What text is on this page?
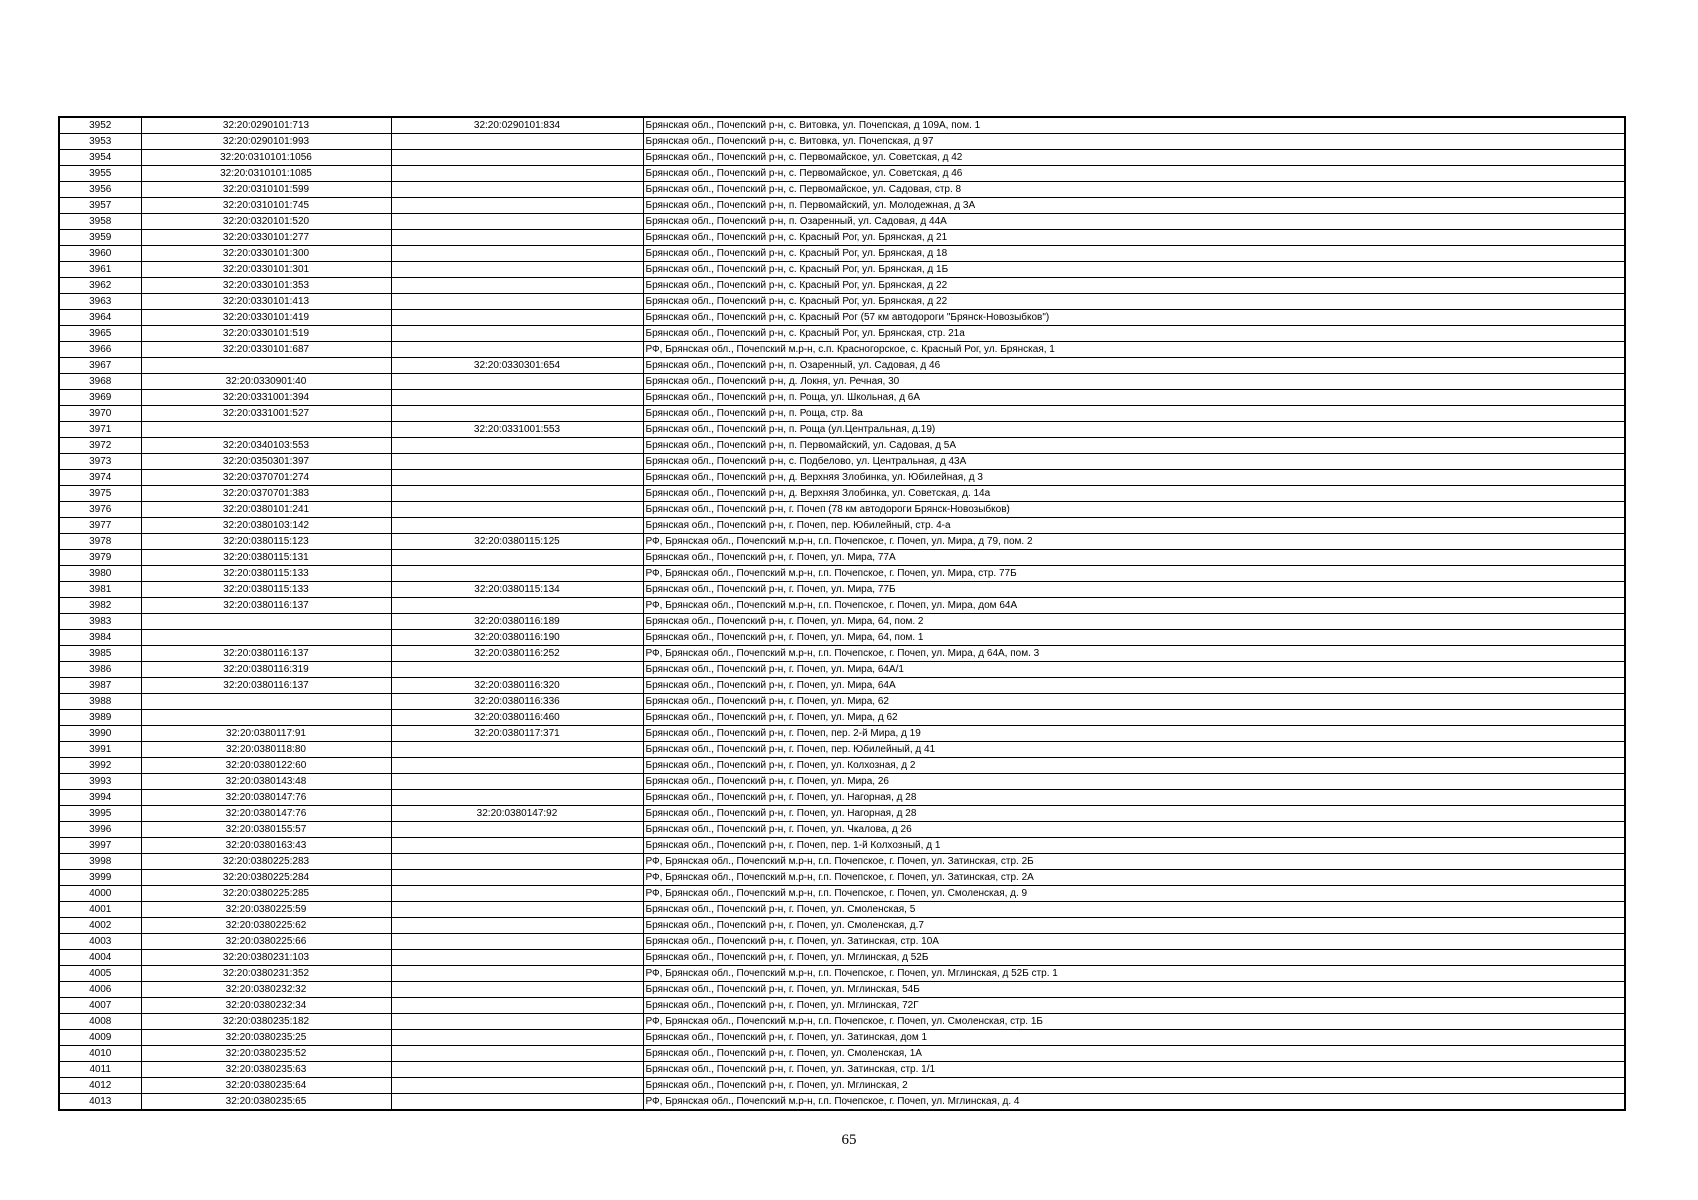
3952	32:20:0290101:713	32:20:0290101:834	Брянская обл., Почепский р-н, с. Витовка, ул. Почепская, д 109А, пом. 1
3953	32:20:0290101:993		Брянская обл., Почепский р-н, с. Витовка, ул. Почепская, д 97
3954	32:20:0310101:1056		Брянская обл., Почепский р-н, с. Первомайское, ул. Советская, д 42
3955	32:20:0310101:1085		Брянская обл., Почепский р-н, с. Первомайское, ул. Советская, д 46
3956	32:20:0310101:599		Брянская обл., Почепский р-н, с. Первомайское, ул. Садовая, стр. 8
3957	32:20:0310101:745		Брянская обл., Почепский р-н, п. Первомайский, ул. Молодежная, д 3А
3958	32:20:0320101:520		Брянская обл., Почепский р-н, п. Озаренный, ул. Садовая, д 44А
3959	32:20:0330101:277		Брянская обл., Почепский р-н, с. Красный Рог, ул. Брянская, д 21
3960	32:20:0330101:300		Брянская обл., Почепский р-н, с. Красный Рог, ул. Брянская, д 18
3961	32:20:0330101:301		Брянская обл., Почепский р-н, с. Красный Рог, ул. Брянская, д 1Б
3962	32:20:0330101:353		Брянская обл., Почепский р-н, с. Красный Рог, ул. Брянская, д 22
3963	32:20:0330101:413		Брянская обл., Почепский р-н, с. Красный Рог, ул. Брянская, д 22
3964	32:20:0330101:419		Брянская обл., Почепский р-н, с. Красный Рог (57 км автодороги "Брянск-Новозыбков")
3965	32:20:0330101:519		Брянская обл., Почепский р-н, с. Красный Рог, ул. Брянская, стр. 21а
3966	32:20:0330101:687		РФ, Брянская обл., Почепский м.р-н, с.п. Красногорское, с. Красный Рог, ул. Брянская, 1
3967		32:20:0330301:654	Брянская обл., Почепский р-н, п. Озаренный, ул. Садовая, д 46
3968	32:20:0330901:40		Брянская обл., Почепский р-н, д. Локня, ул. Речная, 30
3969	32:20:0331001:394		Брянская обл., Почепский р-н, п. Роща, ул. Школьная, д 6А
3970	32:20:0331001:527		Брянская обл., Почепский р-н, п. Роща, стр. 8а
3971		32:20:0331001:553	Брянская обл., Почепский р-н, п. Роща (ул.Центральная, д.19)
3972	32:20:0340103:553		Брянская обл., Почепский р-н, п. Первомайский, ул. Садовая, д 5А
3973	32:20:0350301:397		Брянская обл., Почепский р-н, с. Подбелово, ул. Центральная, д 43А
3974	32:20:0370701:274		Брянская обл., Почепский р-н, д. Верхняя Злобинка, ул. Юбилейная, д 3
3975	32:20:0370701:383		Брянская обл., Почепский р-н, д. Верхняя Злобинка, ул. Советская, д. 14а
3976	32:20:0380101:241		Брянская обл., Почепский р-н, г. Почеп (78 км автодороги Брянск-Новозыбков)
3977	32:20:0380103:142		Брянская обл., Почепский р-н, г. Почеп, пер. Юбилейный, стр. 4-а
3978	32:20:0380115:123	32:20:0380115:125	РФ, Брянская обл., Почепский м.р-н, г.п. Почепское, г. Почеп, ул. Мира, д 79, пом. 2
3979	32:20:0380115:131		Брянская обл., Почепский р-н, г. Почеп, ул. Мира, 77А
3980	32:20:0380115:133		РФ, Брянская обл., Почепский м.р-н, г.п. Почепское, г. Почеп, ул. Мира, стр. 77Б
3981	32:20:0380115:133	32:20:0380115:134	Брянская обл., Почепский р-н, г. Почеп, ул. Мира, 77Б
3982	32:20:0380116:137		РФ, Брянская обл., Почепский м.р-н, г.п. Почепское, г. Почеп, ул. Мира, дом 64А
3983		32:20:0380116:189	Брянская обл., Почепский р-н, г. Почеп, ул. Мира, 64, пом. 2
3984		32:20:0380116:190	Брянская обл., Почепский р-н, г. Почеп, ул. Мира, 64, пом. 1
3985	32:20:0380116:137	32:20:0380116:252	РФ, Брянская обл., Почепский м.р-н, г.п. Почепское, г. Почеп, ул. Мира, д 64А, пом. 3
3986	32:20:0380116:319		Брянская обл., Почепский р-н, г. Почеп, ул. Мира, 64А/1
3987	32:20:0380116:137	32:20:0380116:320	Брянская обл., Почепский р-н, г. Почеп, ул. Мира, 64А
3988		32:20:0380116:336	Брянская обл., Почепский р-н, г. Почеп, ул. Мира, 62
3989		32:20:0380116:460	Брянская обл., Почепский р-н, г. Почеп, ул. Мира, д 62
3990	32:20:0380117:91	32:20:0380117:371	Брянская обл., Почепский р-н, г. Почеп, пер. 2-й Мира, д 19
3991	32:20:0380118:80		Брянская обл., Почепский р-н, г. Почеп, пер. Юбилейный, д 41
3992	32:20:0380122:60		Брянская обл., Почепский р-н, г. Почеп, ул. Колхозная, д 2
3993	32:20:0380143:48		Брянская обл., Почепский р-н, г. Почеп, ул. Мира, 26
3994	32:20:0380147:76		Брянская обл., Почепский р-н, г. Почеп, ул. Нагорная, д 28
3995	32:20:0380147:76	32:20:0380147:92	Брянская обл., Почепский р-н, г. Почеп, ул. Нагорная, д 28
3996	32:20:0380155:57		Брянская обл., Почепский р-н, г. Почеп, ул. Чкалова, д 26
3997	32:20:0380163:43		Брянская обл., Почепский р-н, г. Почеп, пер. 1-й Колхозный, д 1
3998	32:20:0380225:283		РФ, Брянская обл., Почепский м.р-н, г.п. Почепское, г. Почеп, ул. Затинская, стр. 2Б
3999	32:20:0380225:284		РФ, Брянская обл., Почепский м.р-н, г.п. Почепское, г. Почеп, ул. Затинская, стр. 2А
4000	32:20:0380225:285		РФ, Брянская обл., Почепский м.р-н, г.п. Почепское, г. Почеп, ул. Смоленская, д. 9
4001	32:20:0380225:59		Брянская обл., Почепский р-н, г. Почеп, ул. Смоленская, 5
4002	32:20:0380225:62		Брянская обл., Почепский р-н, г. Почеп, ул. Смоленская, д.7
4003	32:20:0380225:66		Брянская обл., Почепский р-н, г. Почеп, ул. Затинская, стр. 10А
4004	32:20:0380231:103		Брянская обл., Почепский р-н, г. Почеп, ул. Мглинская, д 52Б
4005	32:20:0380231:352		РФ, Брянская обл., Почепский м.р-н, г.п. Почепское, г. Почеп, ул. Мглинская, д 52Б стр. 1
4006	32:20:0380232:32		Брянская обл., Почепский р-н, г. Почеп, ул. Мглинская, 54Б
4007	32:20:0380232:34		Брянская обл., Почепский р-н, г. Почеп, ул. Мглинская, 72Г
4008	32:20:0380235:182		РФ, Брянская обл., Почепский м.р-н, г.п. Почепское, г. Почеп, ул. Смоленская, стр. 1Б
4009	32:20:0380235:25		Брянская обл., Почепский р-н, г. Почеп, ул. Затинская, дом 1
4010	32:20:0380235:52		Брянская обл., Почепский р-н, г. Почеп, ул. Смоленская, 1А
4011	32:20:0380235:63		Брянская обл., Почепский р-н, г. Почеп, ул. Затинская, стр. 1/1
4012	32:20:0380235:64		Брянская обл., Почепский р-н, г. Почеп, ул. Мглинская, 2
4013	32:20:0380235:65		РФ, Брянская обл., Почепский м.р-н, г.п. Почепское, г. Почеп, ул. Мглинская, д. 4
65
